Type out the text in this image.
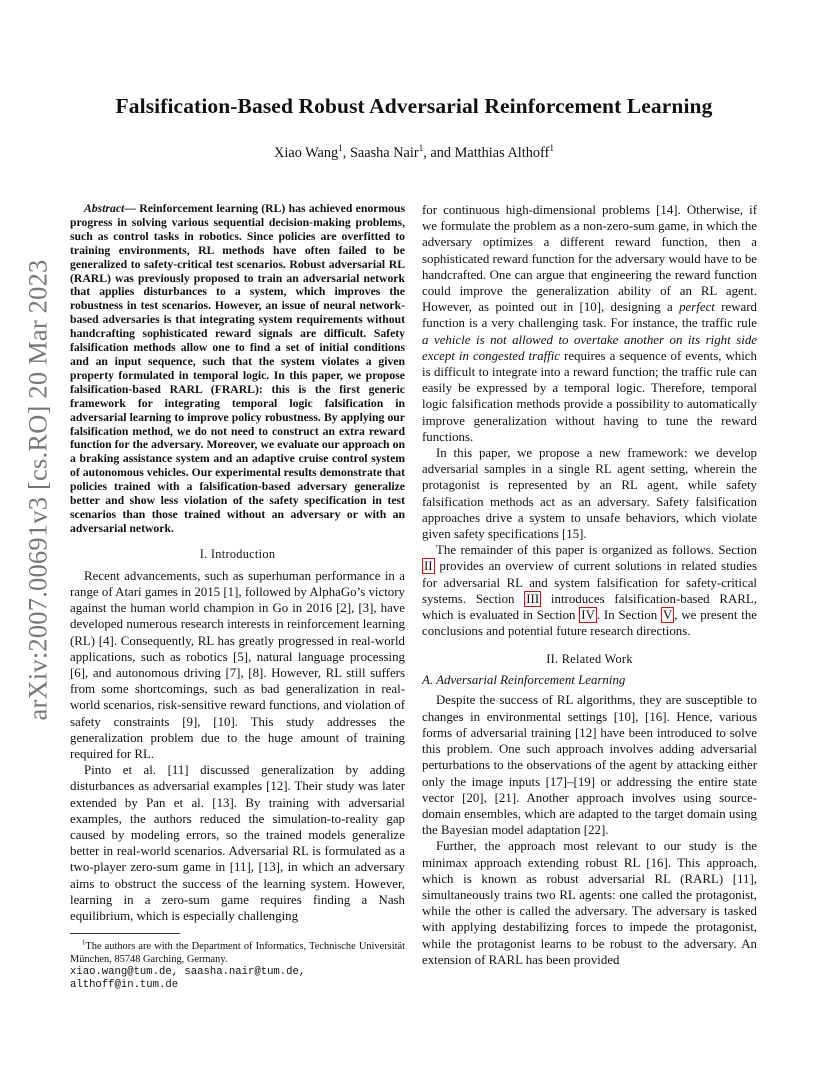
arXiv:2007.00691v3 [cs.RO] 20 Mar 2023
Falsification-Based Robust Adversarial Reinforcement Learning
Xiao Wang$^1$, Saasha Nair$^1$, and Matthias Althoff$^1$

Abstract— Reinforcement learning (RL) has achieved enormous progress in solving various sequential decision-making problems, such as control tasks in robotics. Since policies are overfitted to training environments, RL methods have often failed to be generalized to safety-critical test scenarios. Robust adversarial RL (RARL) was previously proposed to train an adversarial network that applies disturbances to a system, which improves the robustness in test scenarios. However, an issue of neural network-based adversaries is that integrating system requirements without handcrafting sophisticated reward signals are difficult. Safety falsification methods allow one to find a set of initial conditions and an input sequence, such that the system violates a given property formulated in temporal logic. In this paper, we propose falsification-based RARL (FRARL): this is the first generic framework for integrating temporal logic falsification in adversarial learning to improve policy robustness. By applying our falsification method, we do not need to construct an extra reward function for the adversary. Moreover, we evaluate our approach on a braking assistance system and an adaptive cruise control system of autonomous vehicles. Our experimental results demonstrate that policies trained with a falsification-based adversary generalize better and show less violation of the safety specification in test scenarios than those trained without an adversary or with an adversarial network.

I. Introduction

Recent advancements, such as superhuman performance in a range of Atari games in 2015 [1], followed by AlphaGo’s victory against the human world champion in Go in 2016 [2], [3], have developed numerous research interests in reinforcement learning (RL) [4]. Consequently, RL has greatly progressed in real-world applications, such as robotics [5], natural language processing [6], and autonomous driving [7], [8]. However, RL still suffers from some shortcomings, such as bad generalization in real-world scenarios, risk-sensitive reward functions, and violation of safety constraints [9], [10]. This study addresses the generalization problem due to the huge amount of training required for RL.

Pinto et al. [11] discussed generalization by adding disturbances as adversarial examples [12]. Their study was later extended by Pan et al. [13]. By training with adversarial examples, the authors reduced the simulation-to-reality gap caused by modeling errors, so the trained models generalize better in real-world scenarios. Adversarial RL is formulated as a two-player zero-sum game in [11], [13], in which an adversary aims to obstruct the success of the learning system. However, learning in a zero-sum game requires finding a Nash equilibrium, which is especially challenging

$^1$The authors are with the Department of Informatics, Technische Universität München, 85748 Garching, Germany.
xiao.wang@tum.de, saasha.nair@tum.de,
althoff@in.tum.de

for continuous high-dimensional problems [14]. Otherwise, if we formulate the problem as a non-zero-sum game, in which the adversary optimizes a different reward function, then a sophisticated reward function for the adversary would have to be handcrafted. One can argue that engineering the reward function could improve the generalization ability of an RL agent. However, as pointed out in [10], designing a perfect reward function is a very challenging task. For instance, the traffic rule a vehicle is not allowed to overtake another on its right side except in congested traffic requires a sequence of events, which is difficult to integrate into a reward function; the traffic rule can easily be expressed by a temporal logic. Therefore, temporal logic falsification methods provide a possibility to automatically improve generalization without having to tune the reward functions.

In this paper, we propose a new framework: we develop adversarial samples in a single RL agent setting, wherein the protagonist is represented by an RL agent, while safety falsification methods act as an adversary. Safety falsification approaches drive a system to unsafe behaviors, which violate given safety specifications [15].

The remainder of this paper is organized as follows. Section II provides an overview of current solutions in related studies for adversarial RL and system falsification for safety-critical systems. Section III introduces falsification-based RARL, which is evaluated in Section IV . In Section V , we present the conclusions and potential future research directions.

II. Related Work
A. Adversarial Reinforcement Learning

Despite the success of RL algorithms, they are susceptible to changes in environmental settings [10], [16]. Hence, various forms of adversarial training [12] have been introduced to solve this problem. One such approach involves adding adversarial perturbations to the observations of the agent by attacking either only the image inputs [17]–[19] or addressing the entire state vector [20], [21]. Another approach involves using source-domain ensembles, which are adapted to the target domain using the Bayesian model adaptation [22].

Further, the approach most relevant to our study is the minimax approach extending robust RL [16]. This approach, which is known as robust adversarial RL (RARL) [11], simultaneously trains two RL agents: one called the protagonist, while the other is called the adversary. The adversary is tasked with applying destabilizing forces to impede the protagonist, while the protagonist learns to be robust to the adversary. An extension of RARL has been provided
